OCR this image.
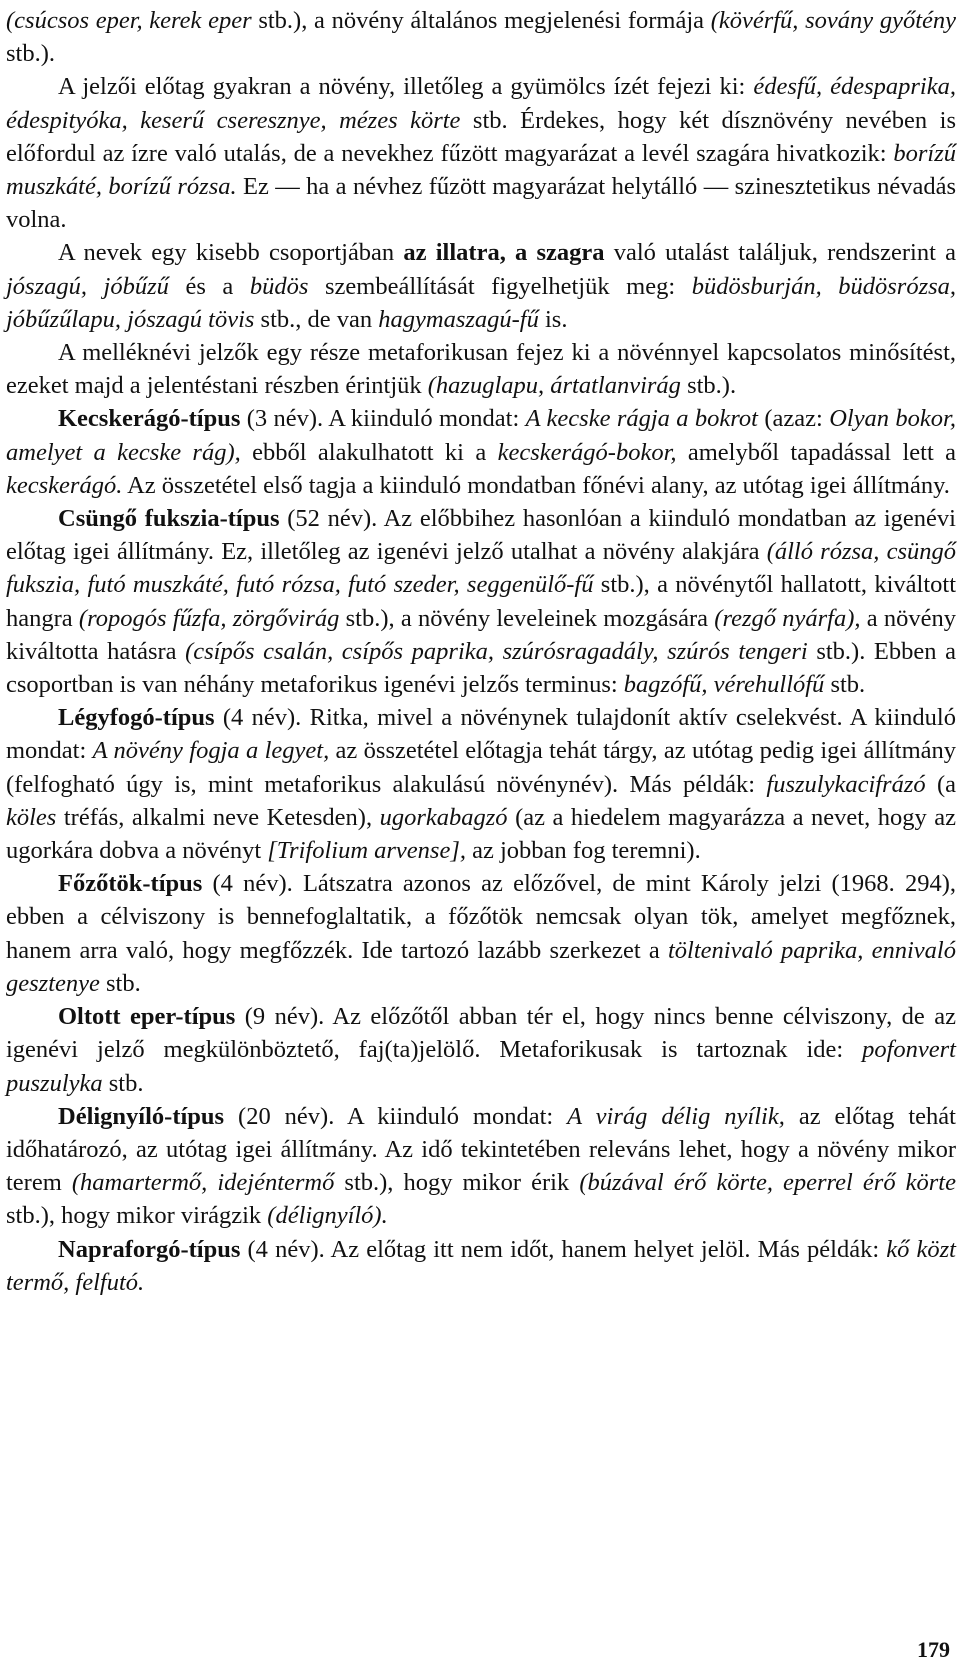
(csúcsos eper, kerek eper stb.), a növény általános megjelenési formája (kövérfű, sovány győtény stb.).

A jelzői előtag gyakran a növény, illetőleg a gyümölcs ízét fejezi ki: édesfű, édespaprika, édespityóka, keserű cseresznye, mézes körte stb. Érdekes, hogy két dísznövény nevében is előfordul az ízre való utalás, de a nevekhez fűzött magyarázat a levél szagára hivatkozik: borízű muszkáté, borízű rózsa. Ez — ha a névhez fűzött magyarázat helytálló — szinesztetikus névadás volna.

A nevek egy kisebb csoportjában az illatra, a szagra való utalást találjuk, rendszerint a jószagú, jóbűzű és a büdös szembeállítását figyelhetjük meg: büdösburján, büdösrózsa, jóbűzűlapu, jószagú tövis stb., de van hagymaszagú-fű is.

A melléknévi jelzők egy része metaforikusan fejez ki a növénnyel kapcsolatos minősítést, ezeket majd a jelentéstani részben érintjük (hazuglapu, ártatlanvirág stb.).

Kecskerágó-típus (3 név). A kiinduló mondat: A kecske rágja a bokrot (azaz: Olyan bokor, amelyet a kecske rág), ebből alakulhatott ki a kecskerágó-bokor, amelyből tapadással lett a kecskerágó. Az összetétel első tagja a kiinduló mondatban főnévi alany, az utótag igei állítmány.

Csüngő fukszia-típus (52 név). Az előbbihez hasonlóan a kiinduló mondatban az igenévi előtag igei állítmány. Ez, illetőleg az igenévi jelző utalhat a növény alakjára (álló rózsa, csüngő fukszia, futó muszkáté, futó rózsa, futó szeder, seggenülő-fű stb.), a növénytől hallatott, kiváltott hangra (ropogós fűzfa, zörgővirág stb.), a növény leveleinek mozgására (rezgő nyárfa), a növény kiváltotta hatásra (csípős csalán, csípős paprika, szúrósragadály, szúrós tengeri stb.). Ebben a csoportban is van néhány metaforikus igenévi jelzős terminus: bagzófű, vérehullófű stb.

Légyfogó-típus (4 név). Ritka, mivel a növénynek tulajdonít aktív cselekvést. A kiinduló mondat: A növény fogja a legyet, az összetétel előtagja tehát tárgy, az utótag pedig igei állítmány (felfogható úgy is, mint metaforikus alakulású növénynév). Más példák: fuszulykacifrázó (a köles tréfás, alkalmi neve Ketesden), ugorkabagzó (az a hiedelem magyarázza a nevet, hogy az ugorkára dobva a növényt [Trifolium arvense], az jobban fog teremni).

Főzőtök-típus (4 név). Látszatra azonos az előzővel, de mint Károly jelzi (1968. 294), ebben a célviszony is bennefoglaltatik, a főzőtök nemcsak olyan tök, amelyet megfőznek, hanem arra való, hogy megfőzzék. Ide tartozó lazább szerkezet a töltenivaló paprika, ennivaló gesztenye stb.

Oltott eper-típus (9 név). Az előzőtől abban tér el, hogy nincs benne célviszony, de az igenévi jelző megkülönböztető, faj(ta)jelölő. Metaforikusak is tartoznak ide: pofonvert puszulyka stb.

Délignyíló-típus (20 név). A kiinduló mondat: A virág délig nyílik, az előtag tehát időhatározó, az utótag igei állítmány. Az idő tekintetében releváns lehet, hogy a növény mikor terem (hamartermő, idejéntermő stb.), hogy mikor érik (búzával érő körte, eperrel érő körte stb.), hogy mikor virágzik (délignyíló).

Napraforgó-típus (4 név). Az előtag itt nem időt, hanem helyet jelöl. Más példák: kő közt termő, felfutó.

179
